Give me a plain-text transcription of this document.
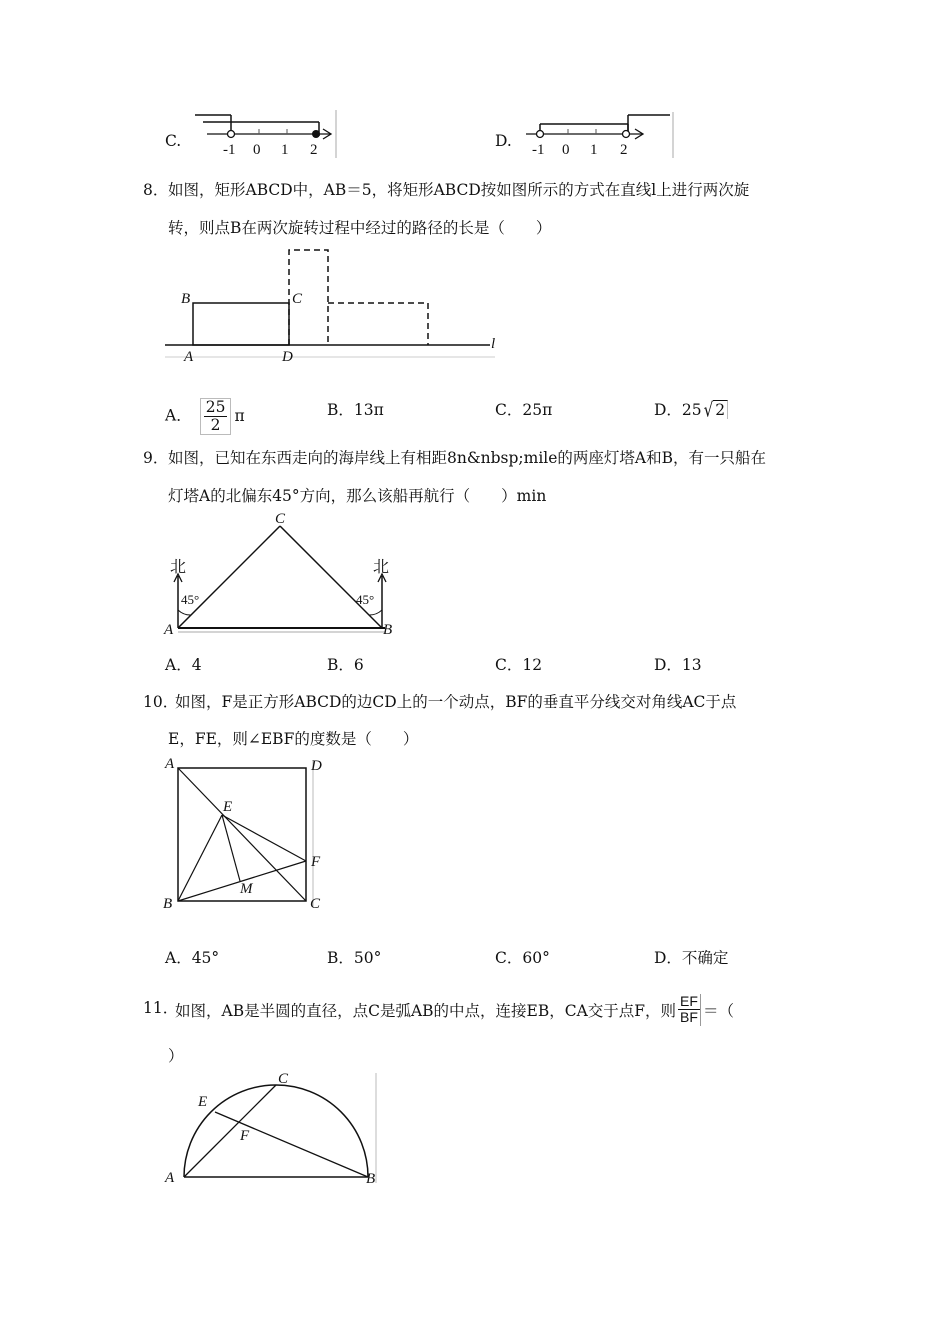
C.	-1 0 1 2	D. -1 0 1 2
8． 如图，矩形ABCD中，AB＝5，将矩形ABCD按如图所示的方式在直线l上进行两次旋
转，则点B在两次旋转过程中经过的路径的长是（　　）
B	C
A	D
l
A． $\frac{25}{2}$ π	B．13π	C．25π	D．25 √ 2
9． 如图，已知在东西走向的海岸线上有相距8n&nbsp;mile的两座灯塔A和B，有一只船在
灯塔A的北偏东45°方向，那么该船再航行（　　）min
C
A	B
北	北
45°	45°
A．4	B．6	C．12	D．13
10．
如图，F是正方形ABCD的边CD上的一个动点，BF的垂直平分线交对角线AC于点
E，FE，则∠EBF的度数是（　　）
A	D
E
F
M
B	C
A．45°	B．50°	C．60°	D．不确定
11．
如图，AB是半圆的直径，点C是弧AB的中点，连接EB，CA交于点F，则 $\frac{EF}{BF}$ ＝（
）
C
E
F
A	B
